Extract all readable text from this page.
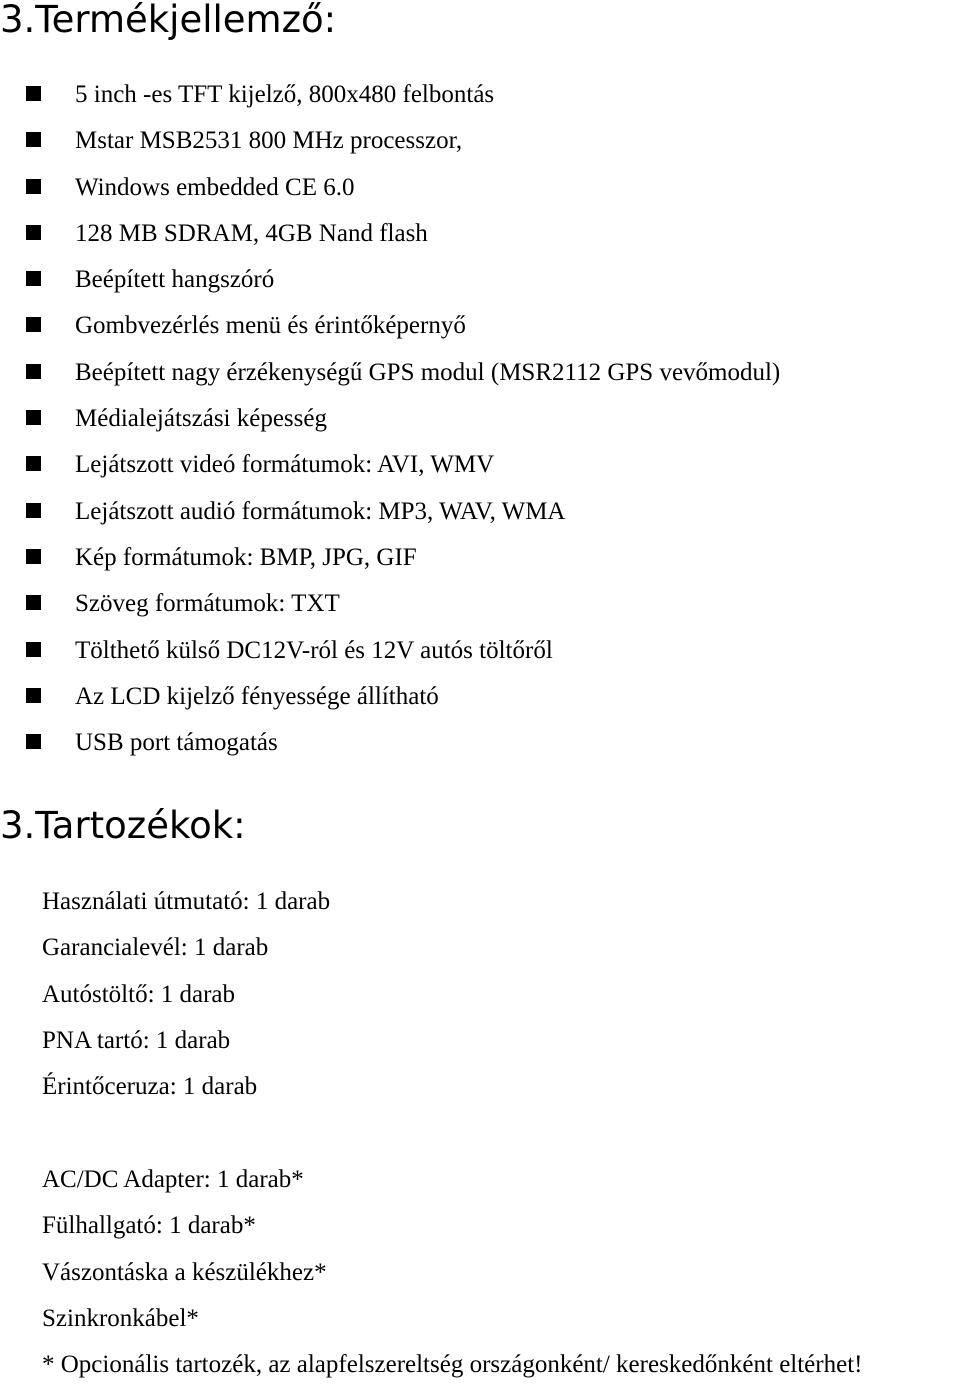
3.Termékjellemző:
5 inch -es TFT kijelző, 800x480 felbontás
Mstar MSB2531 800 MHz processzor,
Windows embedded CE 6.0
128 MB SDRAM, 4GB Nand flash
Beépített hangszóró
Gombvezérlés menü és érintőképernyő
Beépített nagy érzékenységű GPS modul (MSR2112 GPS vevőmodul)
Médialejátszási képesség
Lejátszott videó formátumok: AVI, WMV
Lejátszott audió formátumok: MP3, WAV, WMA
Kép formátumok: BMP, JPG, GIF
Szöveg formátumok: TXT
Tölthető külső DC12V-ról és 12V autós töltőről
Az LCD kijelző fényessége állítható
USB port támogatás
3.Tartozékok:
Használati útmutató: 1 darab
Garancialevél: 1 darab
Autóstöltő: 1 darab
PNA tartó: 1 darab
Érintőceruza: 1 darab
AC/DC Adapter: 1 darab*
Fülhallgató: 1 darab*
Vászontáska a készülékhez*
Szinkronkábel*

* Opcionális tartozék, az alapfelszereltség országonként/ kereskedőnként eltérhet!
